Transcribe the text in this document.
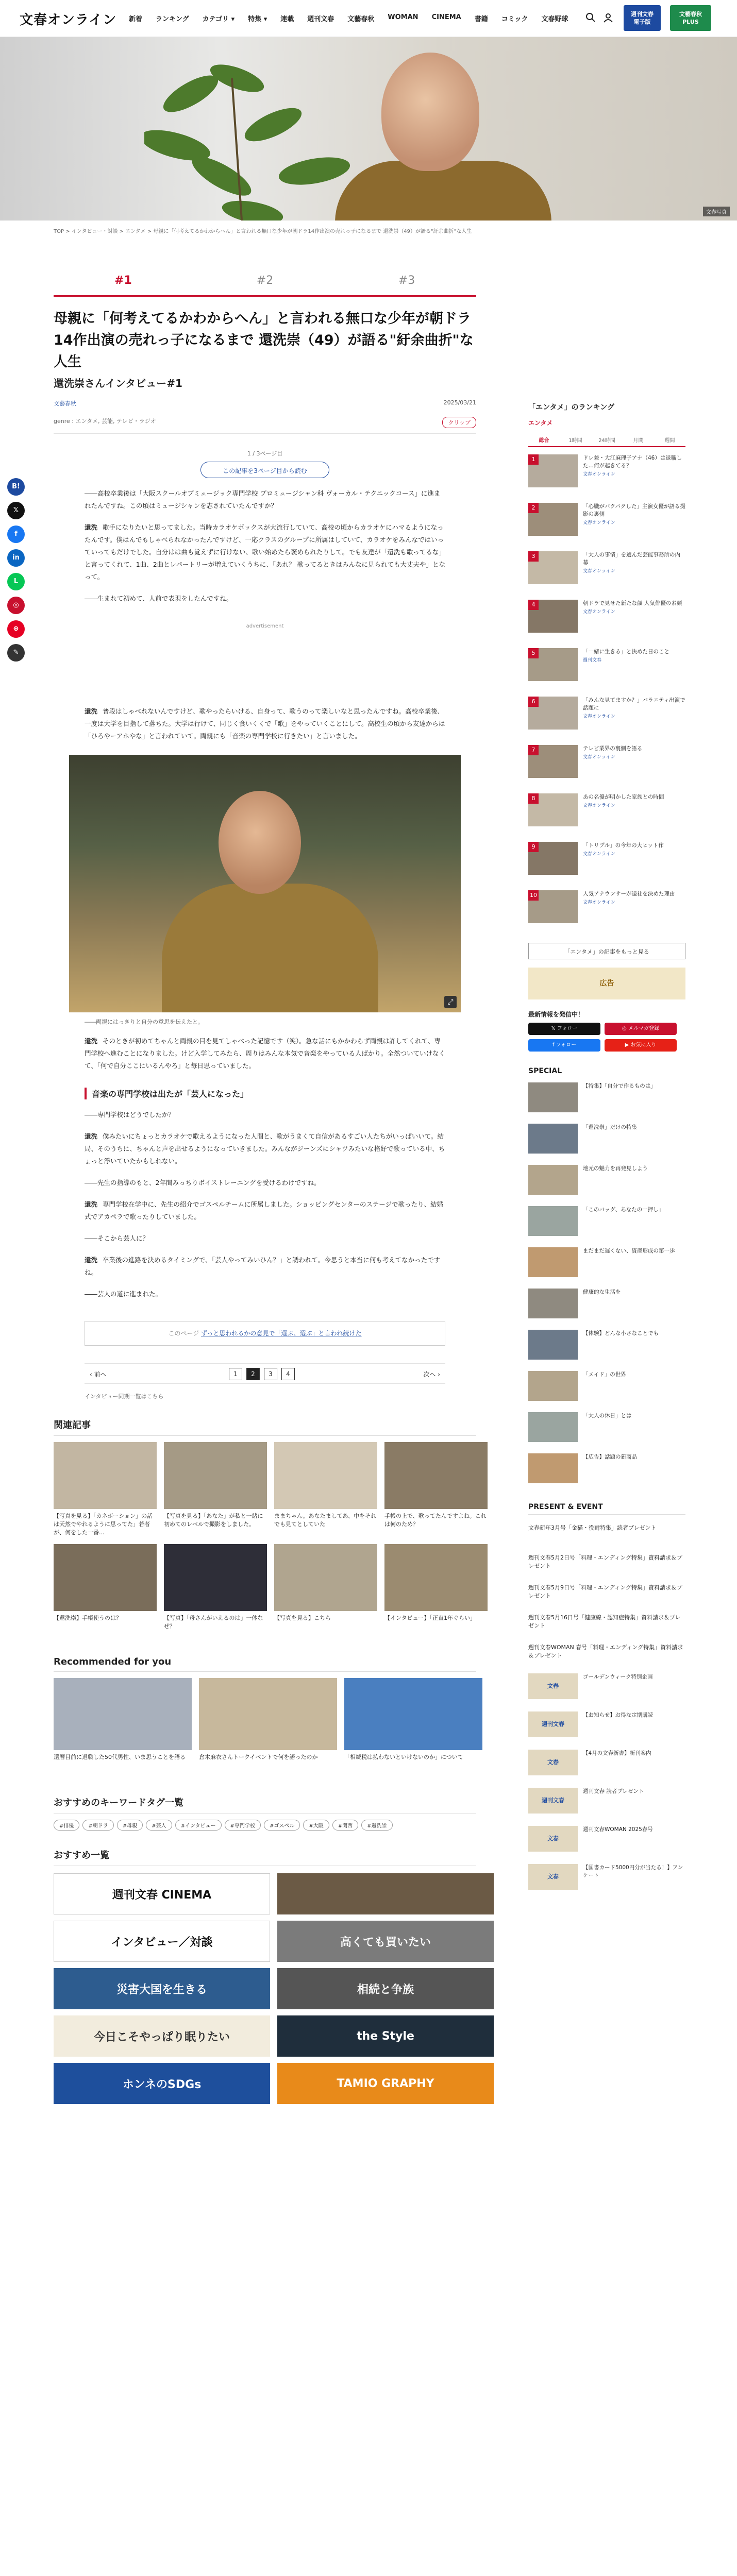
文春オンライン 新着 ランキング カテゴリ ▾ 特集 ▾ 連載 週刊文春 文藝春秋 WOMAN CINEMA 書籍 コミック 文春野球
週刊文春
電子版
文藝春秋
PLUS
文春写真
TOP > インタビュー・対談 > エンタメ > 母親に「何考えてるかわからへん」と言われる無口な少年が朝ドラ14作出演の売れっ子になるまで 還洗崇（49）が語る"紆余曲折"な人生
B!
𝕏
f
in
L
◎
⊕
✎
#1	#2	#3
母親に「何考えてるかわからへん」と言われる無口な少年が朝ドラ14作出演の売れっ子になるまで 還洗崇（49）が語る"紆余曲折"な人生
還洗崇さんインタビュー#1
文藝春秋	2025/03/21
genre : エンタメ, 芸能, テレビ・ラジオ	クリップ
1 / 3ページ目
この記事を3ページ目から読む

――高校卒業後は「大阪スクールオブミュージック専門学校 プロミュージシャン科 ヴォーカル・テクニックコース」に進まれたんですね。この頃はミュージシャンを志されていたんですか？

還洗 歌手になりたいと思ってました。当時カラオケボックスが大流行していて、高校の頃からカラオケにハマるようになったんです。僕はんでもしゃべられなかったんですけど、一応クラスのグループに所属はしていて、カラオケをみんなではいっていってもだけでした。自分はは曲も覚えずに行けない、歌い始めたら褒められたりして。でも友達が「還洗も歌ってるな」と言ってくれて、1曲、2曲とレパートリーが増えていくうちに、「あれ？ 歌ってるときはみんなに見られても大丈夫や」となって。

――生まれて初めて、人前で表現をしたんですね。

advertisement

還洗 普段はしゃべれないんですけど、歌やったらいける、自身って、歌うのって楽しいなと思ったんですね。高校卒業後、一度は大学を目指して落ちた。大学は行けて、同じく食いくくで「歌」をやっていくことにして。高校生の頃から友達からは「ひろやーアホやな」と言われていて。両親にも「音楽の専門学校に行きたい」と言いました。

⤢
――両親にはっきりと自分の意思を伝えたと。

還洗 そのときが初めてちゃんと両親の目を見てしゃべった記憶です（笑）。急な話にもかかわらず両親は許してくれて、専門学校へ進むことになりました。けど入学してみたら、周りはみんな本気で音楽をやっている人ばかり。全然ついていけなくて、「何で自分ここにいるんやろ」と毎日思っていました。

音楽の専門学校は出たが「芸人になった」

――専門学校はどうでしたか？

還洗 僕みたいにちょっとカラオケで歌えるようになった人間と、歌がうまくて自信があるすごい人たちがいっぱいいて。結局、そのうちに、ちゃんと声を出せるようになっていきました。みんながジーンズにシャツみたいな格好で歌っている中、ちょっと浮いていたかもしれない。

――先生の指導のもと、2年間みっちりボイストレーニングを受けるわけですね。

還洗 専門学校在学中に、先生の紹介でゴスペルチームに所属しました。ショッピングセンターのステージで歌ったり、結婚式でアカペラで歌ったりしていました。

――そこから芸人に？

還洗 卒業後の進路を決めるタイミングで、「芸人やってみいひん？」と誘われて。今思うと本当に何も考えてなかったですね。

――芸人の道に進まれた。

このページ ずっと思われるかの意見で「選ぶ、選ぶ」と言われ続けた
‹ 前へ	1	2	3	4	次へ ›
インタビュー同期一覧はこちら
関連記事
【写真を見る】「カネボーション」の話は天然でやれるように思ってた」若者が、何をした一番...
【写真を見る】「あなた」が私と一緒に初めてのレベルで撮影をしました。
ままちゃん。あなたましてあ、中をそれでも見てとしていた
手帳の上で、歌ってたんですよね。これは何のため？
【還洗崇】手帳使うのは？	【写真】「母さんがいえるのは」一体なぜ？
【写真を見る】こちら	【インタビュー】「正直1年ぐらい」
Recommended for you
還暦目前に退職した50代男性、いま思うことを語る	倉木麻衣さんトークイベントで何を語ったのか	「相続税は払わないといけないのか」について
おすすめのキーワードタグ一覧
#俳優	#朝ドラ	#母親	#芸人	#インタビュー	#専門学校	#ゴスペル	#大阪	#関西	#還洗崇
おすすめ一覧
週刊文春 CINEMA
インタビュー／対談	高くても買いたい
災害大国を生きる	相続と争族
今日こそやっぱり眠りたい	the Style
ホンネのSDGs	TAMIO GRAPHY
「エンタメ」のランキング
エンタメ
総合	1時間	24時間	月間	週間
1	ドレ兼・大江麻理子アナ（46）は退職した…何が起きてる？
文春オンライン
2	「心臓がバクバクした」主演女優が語る撮影の裏側
文春オンライン
3	「大人の事情」を選んだ芸能事務所の内幕
文春オンライン
4	朝ドラで見せた新たな顔 人気俳優の素顔
文春オンライン
5	「一緒に生きる」と決めた日のこと
週刊文春
6	「みんな見てますか？」バラエティ出演で話題に
文春オンライン
7	テレビ業界の裏側を語る
文春オンライン
8	あの名優が明かした家族との時間
文春オンライン
9	「トリプル」の今年の大ヒット作
文春オンライン
10	人気アナウンサーが退社を決めた理由
文春オンライン
「エンタメ」の記事をもっと見る
広告
最新情報を発信中！
𝕏 フォロー	◎ メルマガ登録
f フォロー	▶ お気に入り
SPECIAL
【特集】「自分で作るものは」
「還洗崇」だけの特集
地元の魅力を再発見しよう
「このバッグ、あなたの一押し」
まだまだ遅くない、資産形成の第一歩
健康的な生活を
【体験】どんな小さなことでも
「メイド」の世界
「大人の休日」とは
【広告】話題の新商品
PRESENT & EVENT
文春新年3月号「金猫・役耐特集」読者プレゼント
週刊文春5月2日号「料理・エンディング特集」資料請求＆プレゼント
週刊文春5月9日号「料理・エンディング特集」資料請求＆プレゼント
週刊文春5月16日号「健康線・認知症特集」資料請求＆プレゼント
週刊文春WOMAN 春号「料理・エンディング特集」資料請求＆プレゼント
文春
ゴールデンウィーク特別企画
週刊文春
【お知らせ】お得な定期購読
文春
【4月の文春新書】新刊案内
週刊文春
週刊文春 読者プレゼント
文春
週刊文春WOMAN 2025春号
文春
【図書カード5000円分が当たる！】アンケート
